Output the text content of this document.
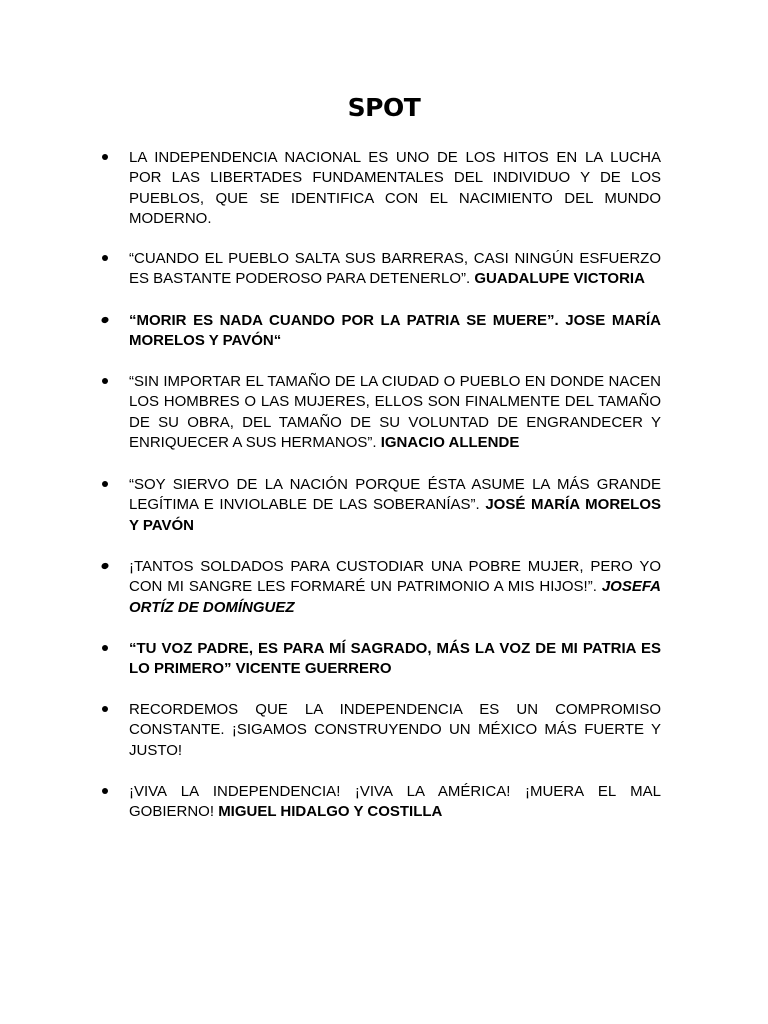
SPOT
LA INDEPENDENCIA NACIONAL ES UNO DE LOS HITOS EN LA LUCHA POR LAS LIBERTADES FUNDAMENTALES DEL INDIVIDUO Y DE LOS PUEBLOS, QUE SE IDENTIFICA CON EL NACIMIENTO DEL MUNDO MODERNO.
“CUANDO EL PUEBLO SALTA SUS BARRERAS, CASI NINGÚN ESFUERZO ES BASTANTE PODEROSO PARA DETENERLO”. GUADALUPE VICTORIA
“MORIR ES NADA CUANDO POR LA PATRIA SE MUERE”. JOSE MARÍA MORELOS Y PAVÓN“
“SIN IMPORTAR EL TAMAÑO DE LA CIUDAD O PUEBLO EN DONDE NACEN LOS HOMBRES O LAS MUJERES, ELLOS SON FINALMENTE DEL TAMAÑO DE SU OBRA, DEL TAMAÑO DE SU VOLUNTAD DE ENGRANDECER Y ENRIQUECER A SUS HERMANOS”. IGNACIO ALLENDE
“SOY SIERVO DE LA NACIÓN PORQUE ÉSTA ASUME LA MÁS GRANDE LEGÍTIMA E INVIOLABLE DE LAS SOBERANÍAS”. JOSÉ MARÍA MORELOS Y PAVÓN
¡TANTOS SOLDADOS PARA CUSTODIAR UNA POBRE MUJER, PERO YO CON MI SANGRE LES FORMARÉ UN PATRIMONIO A MIS HIJOS!”. JOSEFA ORTÍZ DE DOMÍNGUEZ
“TU VOZ PADRE, ES PARA MÍ SAGRADO, MÁS LA VOZ DE MI PATRIA ES LO PRIMERO” VICENTE GUERRERO
RECORDEMOS QUE LA INDEPENDENCIA ES UN COMPROMISO CONSTANTE. ¡SIGAMOS CONSTRUYENDO UN MÉXICO MÁS FUERTE Y JUSTO!
¡VIVA LA INDEPENDENCIA! ¡VIVA LA AMÉRICA! ¡MUERA EL MAL GOBIERNO! MIGUEL HIDALGO Y COSTILLA
